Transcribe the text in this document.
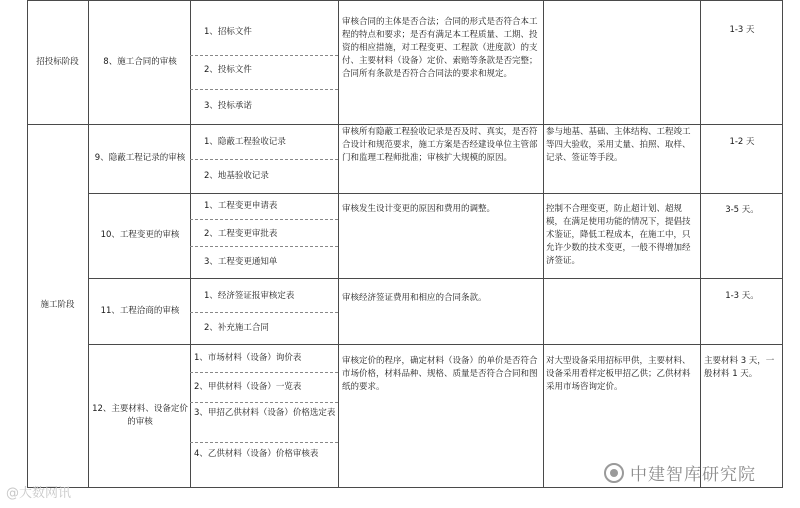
招投标阶段
施工阶段
8、施工合同的审核
9、隐蔽工程记录的审核
10、工程变更的审核
11、工程洽商的审核
12、主要材料、设备定价的审核
1、招标文件
2、投标文件
3、投标承诺
1、隐蔽工程验收记录
2、地基验收记录
1、工程变更申请表
2、工程变更审批表
3、工程变更通知单
1、经济签证报审核定表
2、补充施工合同
1、市场材料（设备）询价表
2、甲供材料（设备）一览表
3、甲招乙供材料（设备）价格选定表
4、乙供材料（设备）价格审核表
审核合同的主体是否合法；合同的形式是否符合本工程的特点和要求；是否有满足本工程质量、工期、投资的相应措施，对工程变更、工程款（进度款）的支付、主要材料（设备）定价、索赔等条款是否完整；合同所有条款是否符合合同法的要求和规定。
审核所有隐蔽工程验收记录是否及时、真实，是否符合设计和规范要求，施工方案是否经建设单位主管部门和监理工程师批准；审核扩大规模的原因。
审核发生设计变更的原因和费用的调整。
审核经济签证费用和相应的合同条款。
审核定价的程序，确定材料（设备）的单价是否符合市场价格，材料品种、规格、质量是否符合合同和图纸的要求。
参与地基、基础、主体结构、工程竣工等四大验收，采用丈量、拍照、取样、记录、签证等手段。
控制不合理变更，防止超计划、超规模，在满足使用功能的情况下，提倡技术鉴证，降低工程成本，在施工中，只允许少数的技术变更，一般不得增加经济签证。
对大型设备采用招标甲供，主要材料、设备采用看样定板甲招乙供；乙供材料采用市场咨询定价。
1-3 天
1-2 天
3-5 天。
1-3 天。
主要材料 3 天，一般材料 1 天。
@大数网讯
中建智库研究院
